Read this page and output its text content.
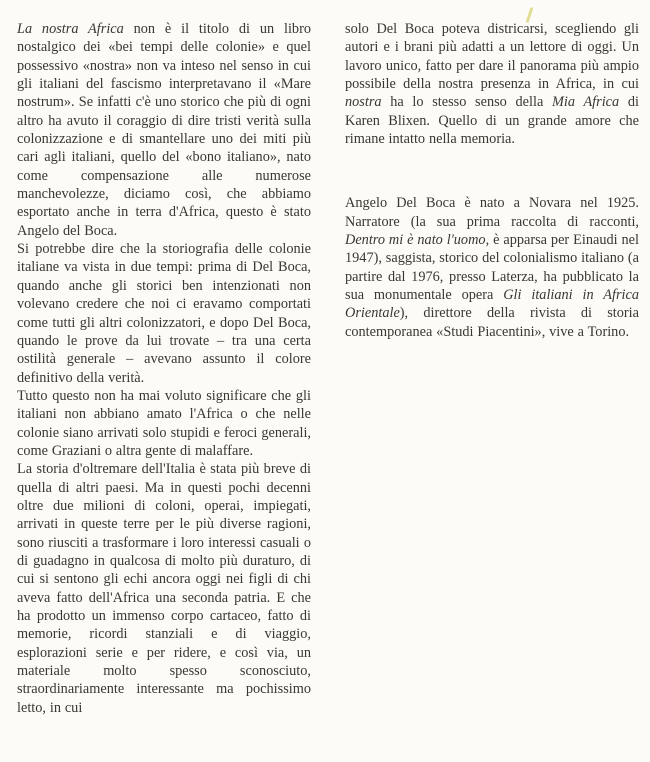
La nostra Africa non è il titolo di un libro nostalgico dei «bei tempi delle colonie» e quel possessivo «nostra» non va inteso nel senso in cui gli italiani del fascismo interpretavano il «Mare nostrum». Se infatti c'è uno storico che più di ogni altro ha avuto il coraggio di dire tristi verità sulla colonizzazione e di smantellare uno dei miti più cari agli italiani, quello del «bono italiano», nato come compensazione alle numerose manchevolezze, diciamo così, che abbiamo esportato anche in terra d'Africa, questo è stato Angelo del Boca.

Si potrebbe dire che la storiografia delle colonie italiane va vista in due tempi: prima di Del Boca, quando anche gli storici ben intenzionati non volevano credere che noi ci eravamo comportati come tutti gli altri colonizzatori, e dopo Del Boca, quando le prove da lui trovate – tra una certa ostilità generale – avevano assunto il colore definitivo della verità.

Tutto questo non ha mai voluto significare che gli italiani non abbiano amato l'Africa o che nelle colonie siano arrivati solo stupidi e feroci generali, come Graziani o altra gente di malaffare.

La storia d'oltremare dell'Italia è stata più breve di quella di altri paesi. Ma in questi pochi decenni oltre due milioni di coloni, operai, impiegati, arrivati in queste terre per le più diverse ragioni, sono riusciti a trasformare i loro interessi casuali o di guadagno in qualcosa di molto più duraturo, di cui si sentono gli echi ancora oggi nei figli di chi aveva fatto dell'Africa una seconda patria. E che ha prodotto un immenso corpo cartaceo, fatto di memorie, ricordi stanziali e di viaggio, esplorazioni serie e per ridere, e così via, un materiale molto spesso sconosciuto, straordinariamente interessante ma pochissimo letto, in cui

solo Del Boca poteva districarsi, scegliendo gli autori e i brani più adatti a un lettore di oggi. Un lavoro unico, fatto per dare il panorama più ampio possibile della nostra presenza in Africa, in cui nostra ha lo stesso senso della Mia Africa di Karen Blixen. Quello di un grande amore che rimane intatto nella memoria.

Angelo Del Boca è nato a Novara nel 1925. Narratore (la sua prima raccolta di racconti, Dentro mi è nato l'uomo, è apparsa per Einaudi nel 1947), saggista, storico del colonialismo italiano (a partire dal 1976, presso Laterza, ha pubblicato la sua monumentale opera Gli italiani in Africa Orientale), direttore della rivista di storia contemporanea «Studi Piacentini», vive a Torino.
